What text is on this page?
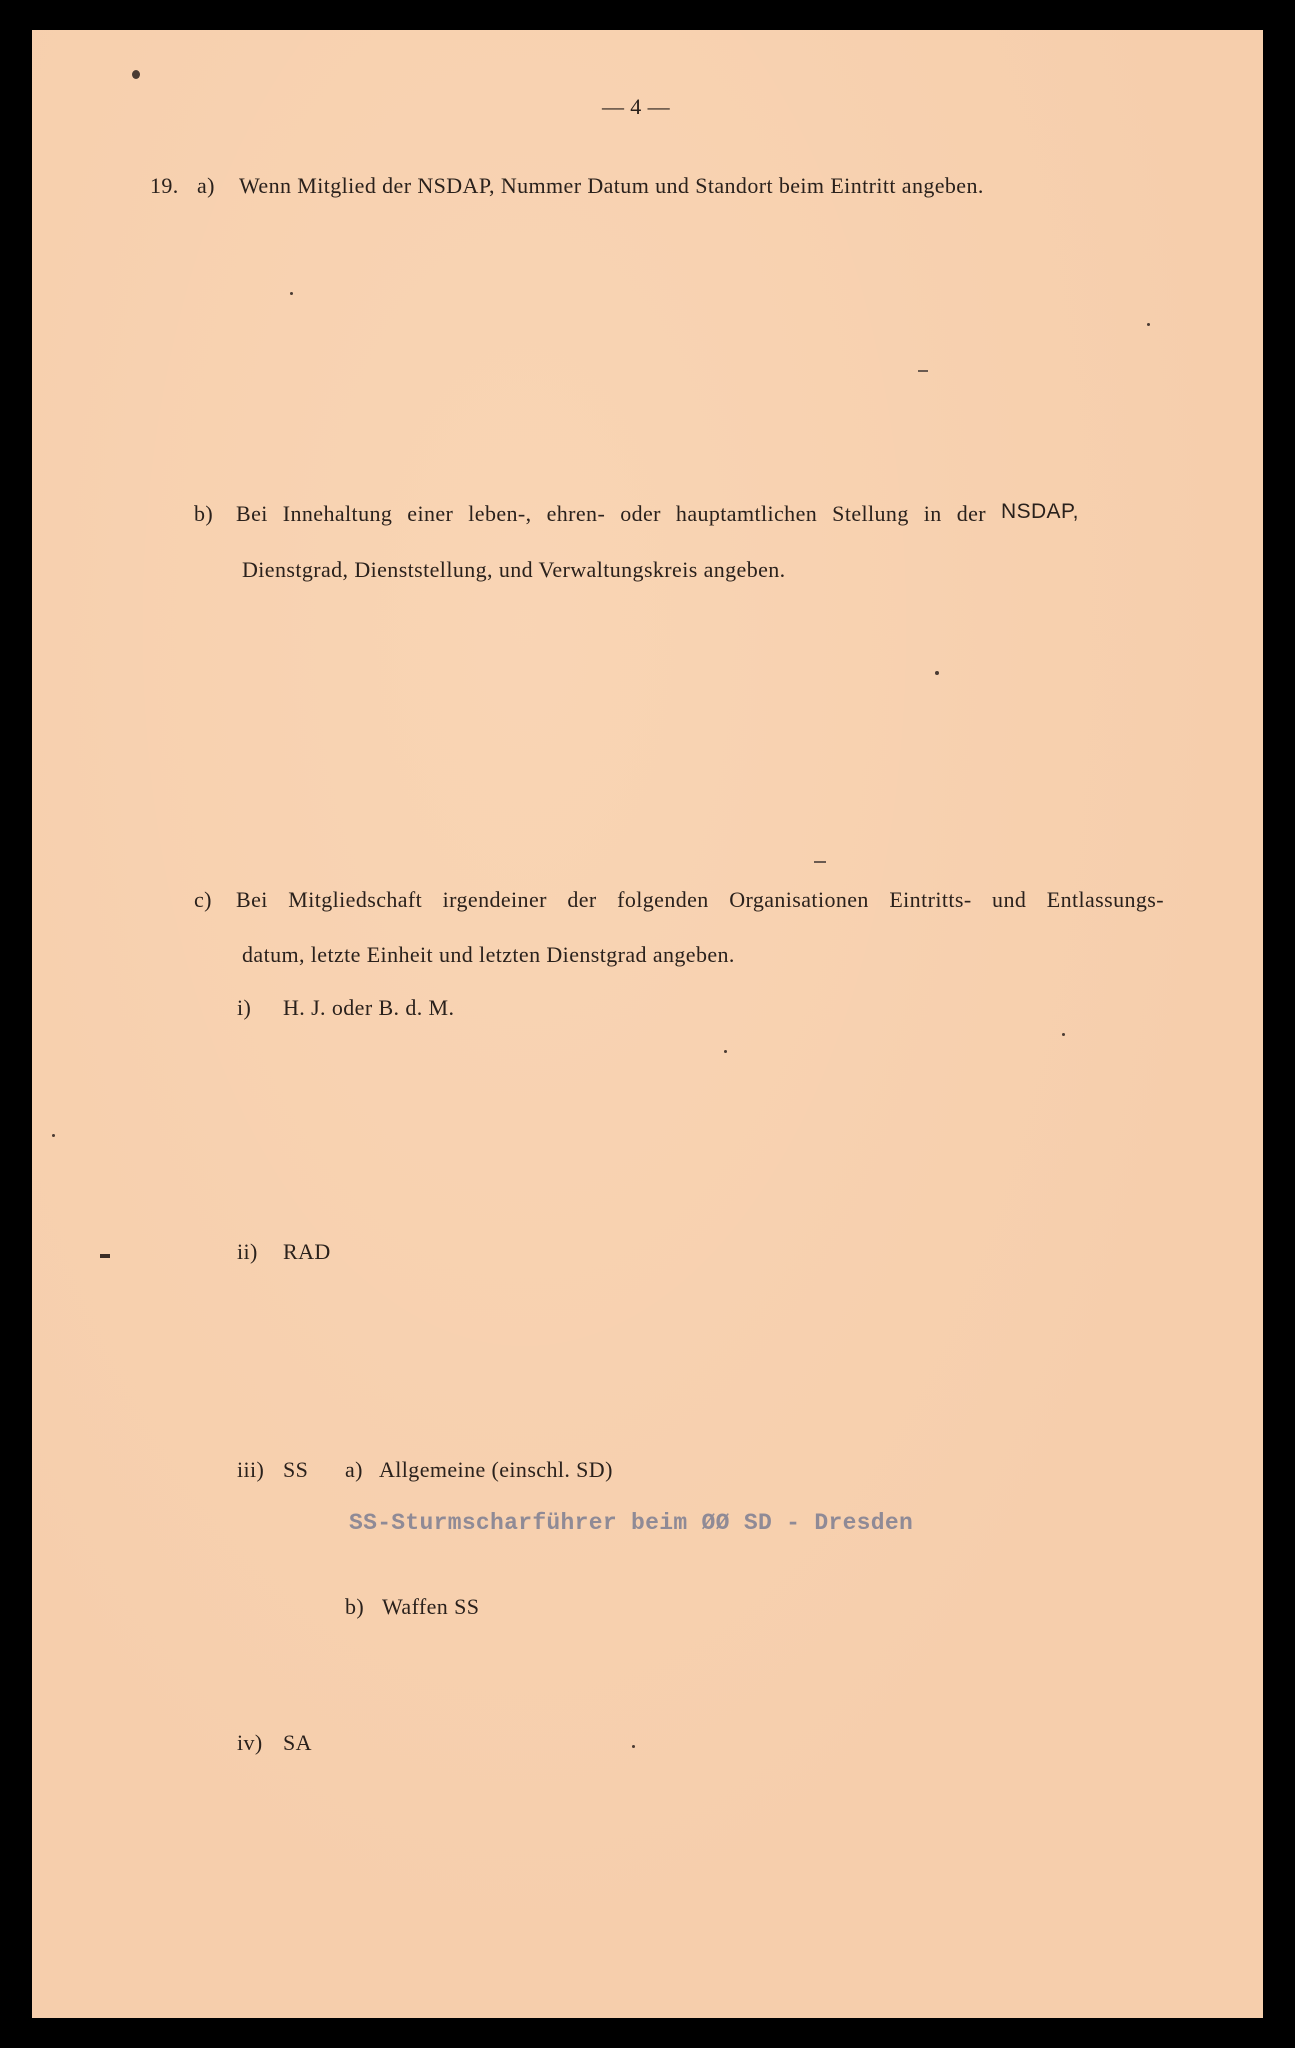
— 4 —
19. a) Wenn Mitglied der NSDAP, Nummer Datum und Standort beim Eintritt angeben.
b) Bei Innehaltung einer leben-, ehren- oder hauptamtlichen Stellung in der NSDAP,
Dienstgrad, Dienststellung, und Verwaltungskreis angeben.
c) Bei Mitgliedschaft irgendeiner der folgenden Organisationen Eintritts- und Entlassungs-
datum, letzte Einheit und letzten Dienstgrad angeben.
i) H. J. oder B. d. M.
ii) RAD
iii) SS a) Allgemeine (einschl. SD)
SS-Sturmscharführer beim ØØ SD - Dresden
b) Waffen SS
iv) SA
